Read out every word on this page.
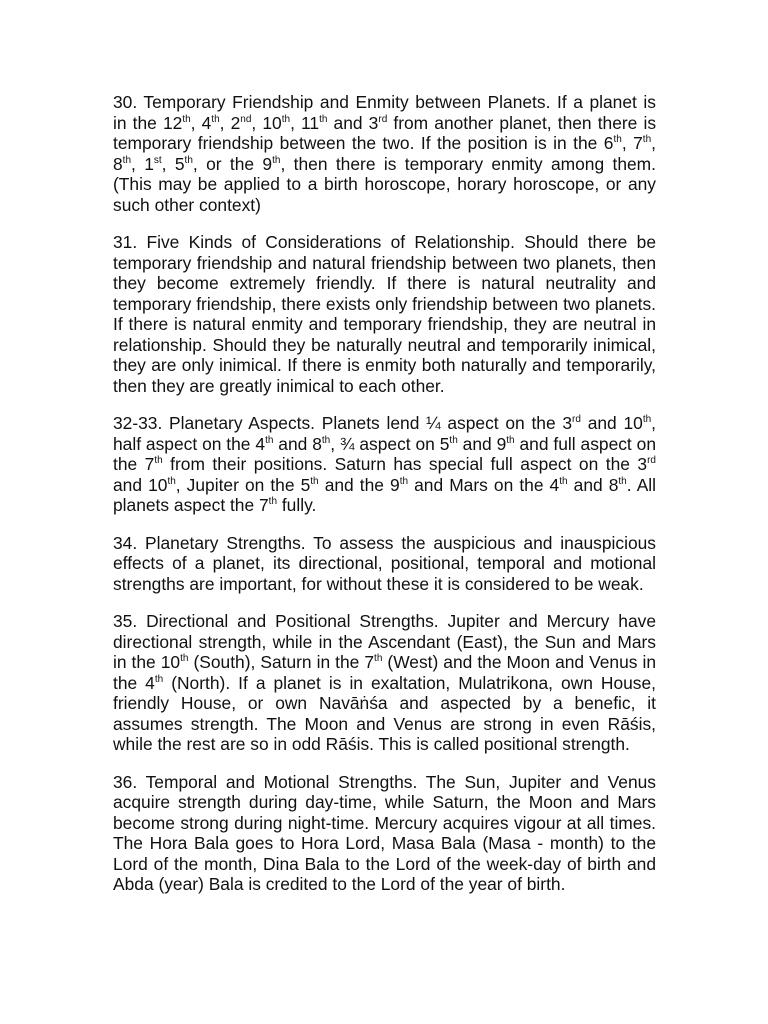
30. Temporary Friendship and Enmity between Planets. If a planet is in the 12th, 4th, 2nd, 10th, 11th and 3rd from another planet, then there is temporary friendship between the two. If the position is in the 6th, 7th, 8th, 1st, 5th, or the 9th, then there is temporary enmity among them. (This may be applied to a birth horoscope, horary horoscope, or any such other context)

31. Five Kinds of Considerations of Relationship. Should there be temporary friendship and natural friendship between two planets, then they become extremely friendly. If there is natural neutrality and temporary friendship, there exists only friendship between two planets. If there is natural enmity and temporary friendship, they are neutral in relationship. Should they be naturally neutral and temporarily inimical, they are only inimical. If there is enmity both naturally and temporarily, then they are greatly inimical to each other.

32-33. Planetary Aspects. Planets lend ¼ aspect on the 3rd and 10th, half aspect on the 4th and 8th, ¾ aspect on 5th and 9th and full aspect on the 7th from their positions. Saturn has special full aspect on the 3rd and 10th, Jupiter on the 5th and the 9th and Mars on the 4th and 8th. All planets aspect the 7th fully.

34. Planetary Strengths. To assess the auspicious and inauspicious effects of a planet, its directional, positional, temporal and motional strengths are important, for without these it is considered to be weak.

35. Directional and Positional Strengths. Jupiter and Mercury have directional strength, while in the Ascendant (East), the Sun and Mars in the 10th (South), Saturn in the 7th (West) and the Moon and Venus in the 4th (North). If a planet is in exaltation, Mulatrikona, own House, friendly House, or own Navāṅśa and aspected by a benefic, it assumes strength. The Moon and Venus are strong in even Rāśis, while the rest are so in odd Rāśis. This is called positional strength.

36. Temporal and Motional Strengths. The Sun, Jupiter and Venus acquire strength during day-time, while Saturn, the Moon and Mars become strong during night-time. Mercury acquires vigour at all times. The Hora Bala goes to Hora Lord, Masa Bala (Masa - month) to the Lord of the month, Dina Bala to the Lord of the week-day of birth and Abda (year) Bala is credited to the Lord of the year of birth.
